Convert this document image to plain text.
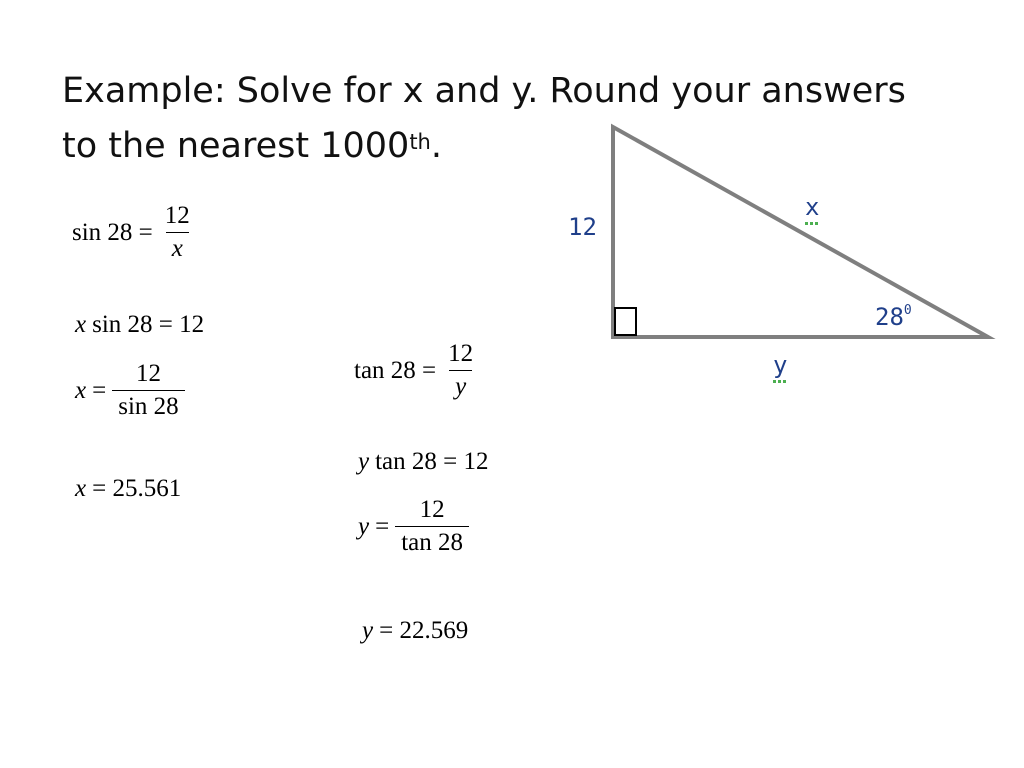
Example: Solve for x and y. Round your answers
to the nearest 1000th.
$\sin 28 = \frac{12}{x}$
x sin 28 = 12
$x = \frac{12}{\sin 28}$
x = 25.561
$\tan 28 = \frac{12}{y}$
y tan 28 = 12
$y = \frac{12}{\tan 28}$
y = 22.569
12
x
y
$28^0$
